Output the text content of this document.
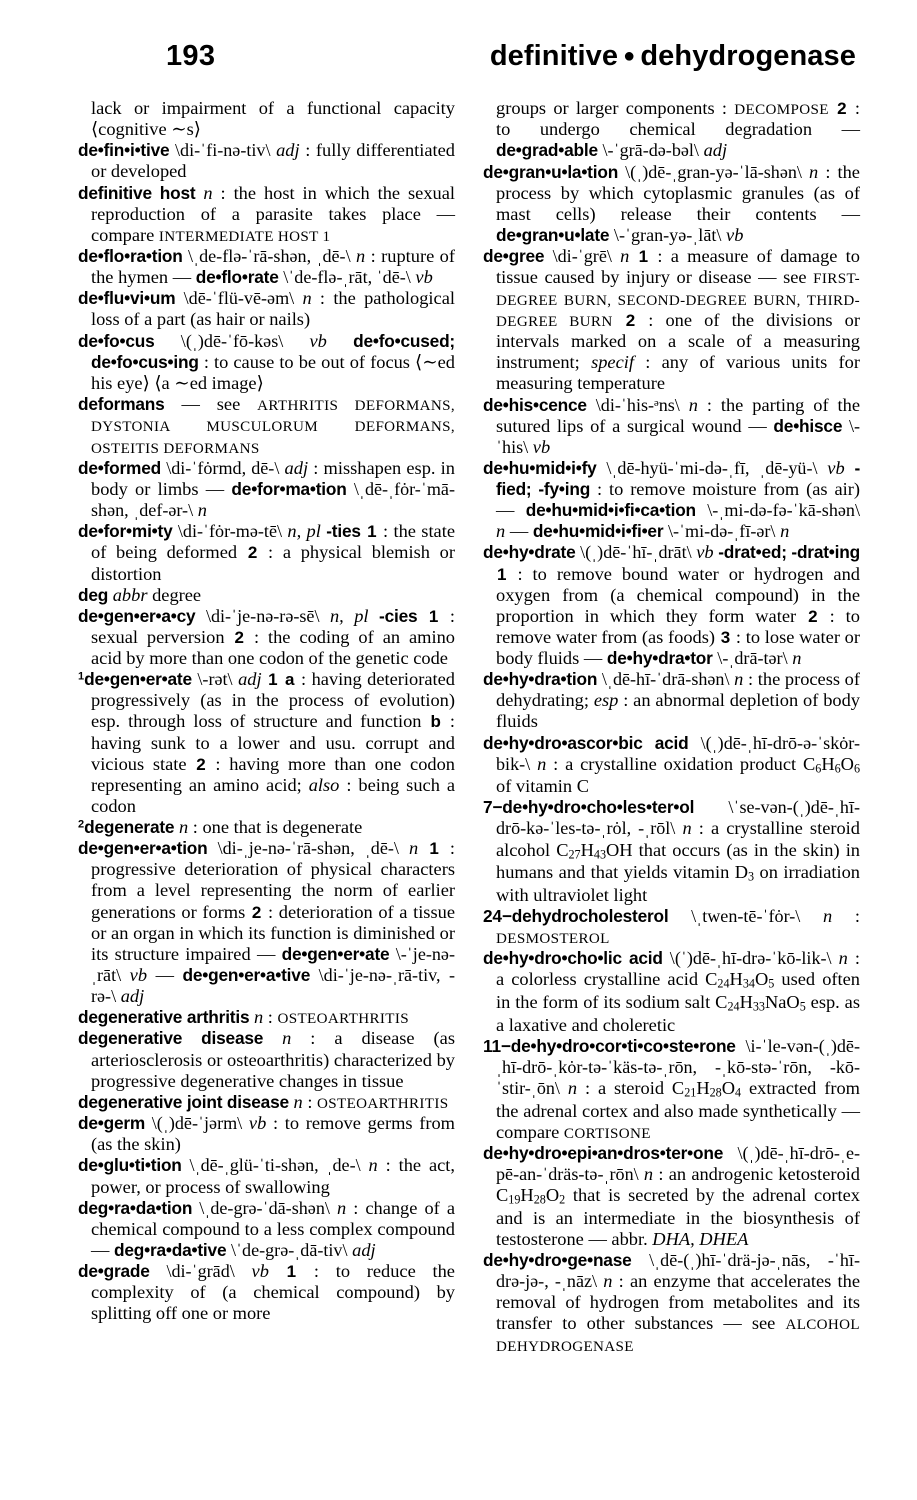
193	definitive ● dehydrogenase

lack or impairment of a functional capacity ⟨cognitive ∼s⟩

de•fin•i•tive \di-ˈfi-nə-tiv\ adj : fully differentiated or developed

definitive host n : the host in which the sexual reproduction of a parasite takes place — compare INTERMEDIATE HOST 1

de•flo•ra•tion \ˌde-flə-ˈrā-shən, ˌdē-\ n : rupture of the hymen — de•flo•rate \ˈde-flə-ˌrāt, ˈdē-\ vb

de•flu•vi•um \dē-ˈflü-vē-əm\ n : the pathological loss of a part (as hair or nails)

de•fo•cus \(ˌ)dē-ˈfō-kəs\ vb de•fo•cused; de•fo•cus•ing : to cause to be out of focus ⟨∼ed his eye⟩ ⟨a ∼ed image⟩

deformans — see ARTHRITIS DEFORMANS, DYSTONIA MUSCULORUM DEFORMANS, OSTEITIS DEFORMANS

de•formed \di-ˈfȯrmd, dē-\ adj : misshapen esp. in body or limbs — de•for•ma•tion \ˌdē-ˌfȯr-ˈmā-shən, ˌdef-ər-\ n

de•for•mi•ty \di-ˈfȯr-mə-tē\ n, pl -ties 1 : the state of being deformed 2 : a physical blemish or distortion

deg abbr degree

de•gen•er•a•cy \di-ˈje-nə-rə-sē\ n, pl -cies 1 : sexual perversion 2 : the coding of an amino acid by more than one codon of the genetic code

$^1$de•gen•er•ate \-rət\ adj 1 a : having deteriorated progressively (as in the process of evolution) esp. through loss of structure and function b : having sunk to a lower and usu. corrupt and vicious state 2 : having more than one codon representing an amino acid; also : being such a codon

$^2$degenerate n : one that is degenerate

de•gen•er•a•tion \di-ˌje-nə-ˈrā-shən, ˌdē-\ n 1 : progressive deterioration of physical characters from a level representing the norm of earlier generations or forms 2 : deterioration of a tissue or an organ in which its function is diminished or its structure impaired — de•gen•er•ate \-ˈje-nə-ˌrāt\ vb — de•gen•er•a•tive \di-ˈje-nə-ˌrā-tiv, -rə-\ adj

degenerative arthritis n : OSTEOARTHRITIS

degenerative disease n : a disease (as arteriosclerosis or osteoarthritis) characterized by progressive degenerative changes in tissue

degenerative joint disease n : OSTEOARTHRITIS

de•germ \(ˌ)dē-ˈjərm\ vb : to remove germs from (as the skin)

de•glu•ti•tion \ˌdē-ˌglü-ˈti-shən, ˌde-\ n : the act, power, or process of swallowing

deg•ra•da•tion \ˌde-grə-ˈdā-shən\ n : change of a chemical compound to a less complex compound — deg•ra•da•tive \ˈde-grə-ˌdā-tiv\ adj

de•grade \di-ˈgrād\ vb 1 : to reduce the complexity of (a chemical compound) by splitting off one or more

groups or larger components : DECOMPOSE 2 : to undergo chemical degradation — de•grad•able \-ˈgrā-də-bəl\ adj

de•gran•u•la•tion \(ˌ)dē-ˌgran-yə-ˈlā-shən\ n : the process by which cytoplasmic granules (as of mast cells) release their contents — de•gran•u•late \-ˈgran-yə-ˌlāt\ vb

de•gree \di-ˈgrē\ n 1 : a measure of damage to tissue caused by injury or disease — see FIRST-DEGREE BURN, SECOND-DEGREE BURN, THIRD-DEGREE BURN 2 : one of the divisions or intervals marked on a scale of a measuring instrument; specif : any of various units for measuring temperature

de•his•cence \di-ˈhis-ᵊns\ n : the parting of the sutured lips of a surgical wound — de•hisce \-ˈhis\ vb

de•hu•mid•i•fy \ˌdē-hyü-ˈmi-də-ˌfī, ˌdē-yü-\ vb -fied; -fy•ing : to remove moisture from (as air) — de•hu•mid•i•fi•ca•tion \-ˌmi-də-fə-ˈkā-shən\ n — de•hu•mid•i•fi•er \-ˈmi-də-ˌfī-ər\ n

de•hy•drate \(ˌ)dē-ˈhī-ˌdrāt\ vb -drat•ed; -drat•ing 1 : to remove bound water or hydrogen and oxygen from (a chemical compound) in the proportion in which they form water 2 : to remove water from (as foods) 3 : to lose water or body fluids — de•hy•dra•tor \-ˌdrā-tər\ n

de•hy•dra•tion \ˌdē-hī-ˈdrā-shən\ n : the process of dehydrating; esp : an abnormal depletion of body fluids

de•hy•dro•ascor•bic acid \(ˌ)dē-ˌhī-drō-ə-ˈskȯr-bik-\ n : a crystalline oxidation product $C_6H_6O_6$ of vitamin C

7−de•hy•dro•cho•les•ter•ol \ˈse-vən-(ˌ)dē-ˌhī-drō-kə-ˈles-tə-ˌrȯl, -ˌrōl\ n : a crystalline steroid alcohol $C_{27}H_{43}OH$ that occurs (as in the skin) in humans and that yields vitamin $D_3$ on irradiation with ultraviolet light

24−dehydrocholesterol \ˌtwen-tē-ˈfȯr-\ n : DESMOSTEROL

de•hy•dro•cho•lic acid \(ˈ)dē-ˌhī-drə-ˈkō-lik-\ n : a colorless crystalline acid $C_{24}H_{34}O_5$ used often in the form of its sodium salt $C_{24}H_{33}NaO_5$ esp. as a laxative and choleretic

11−de•hy•dro•cor•ti•co•ste•rone \i-ˈle-vən-(ˌ)dē-ˌhī-drō-ˌkȯr-tə-ˈkäs-tə-ˌrōn, -ˌkō-stə-ˈrōn, -kō-ˈstir-ˌōn\ n : a steroid $C_{21}H_{28}O_4$ extracted from the adrenal cortex and also made synthetically — compare CORTISONE

de•hy•dro•epi•an•dros•ter•one \(ˌ)dē-ˌhī-drō-ˌe-pē-an-ˈdräs-tə-ˌrōn\ n : an androgenic ketosteroid $C_{19}H_{28}O_2$ that is secreted by the adrenal cortex and is an intermediate in the biosynthesis of testosterone — abbr. DHA, DHEA

de•hy•dro•ge•nase \ˌdē-(ˌ)hī-ˈdrä-jə-ˌnās, -ˈhī-drə-jə-, -ˌnāz\ n : an enzyme that accelerates the removal of hydrogen from metabolites and its transfer to other substances — see ALCOHOL DEHYDROGENASE
